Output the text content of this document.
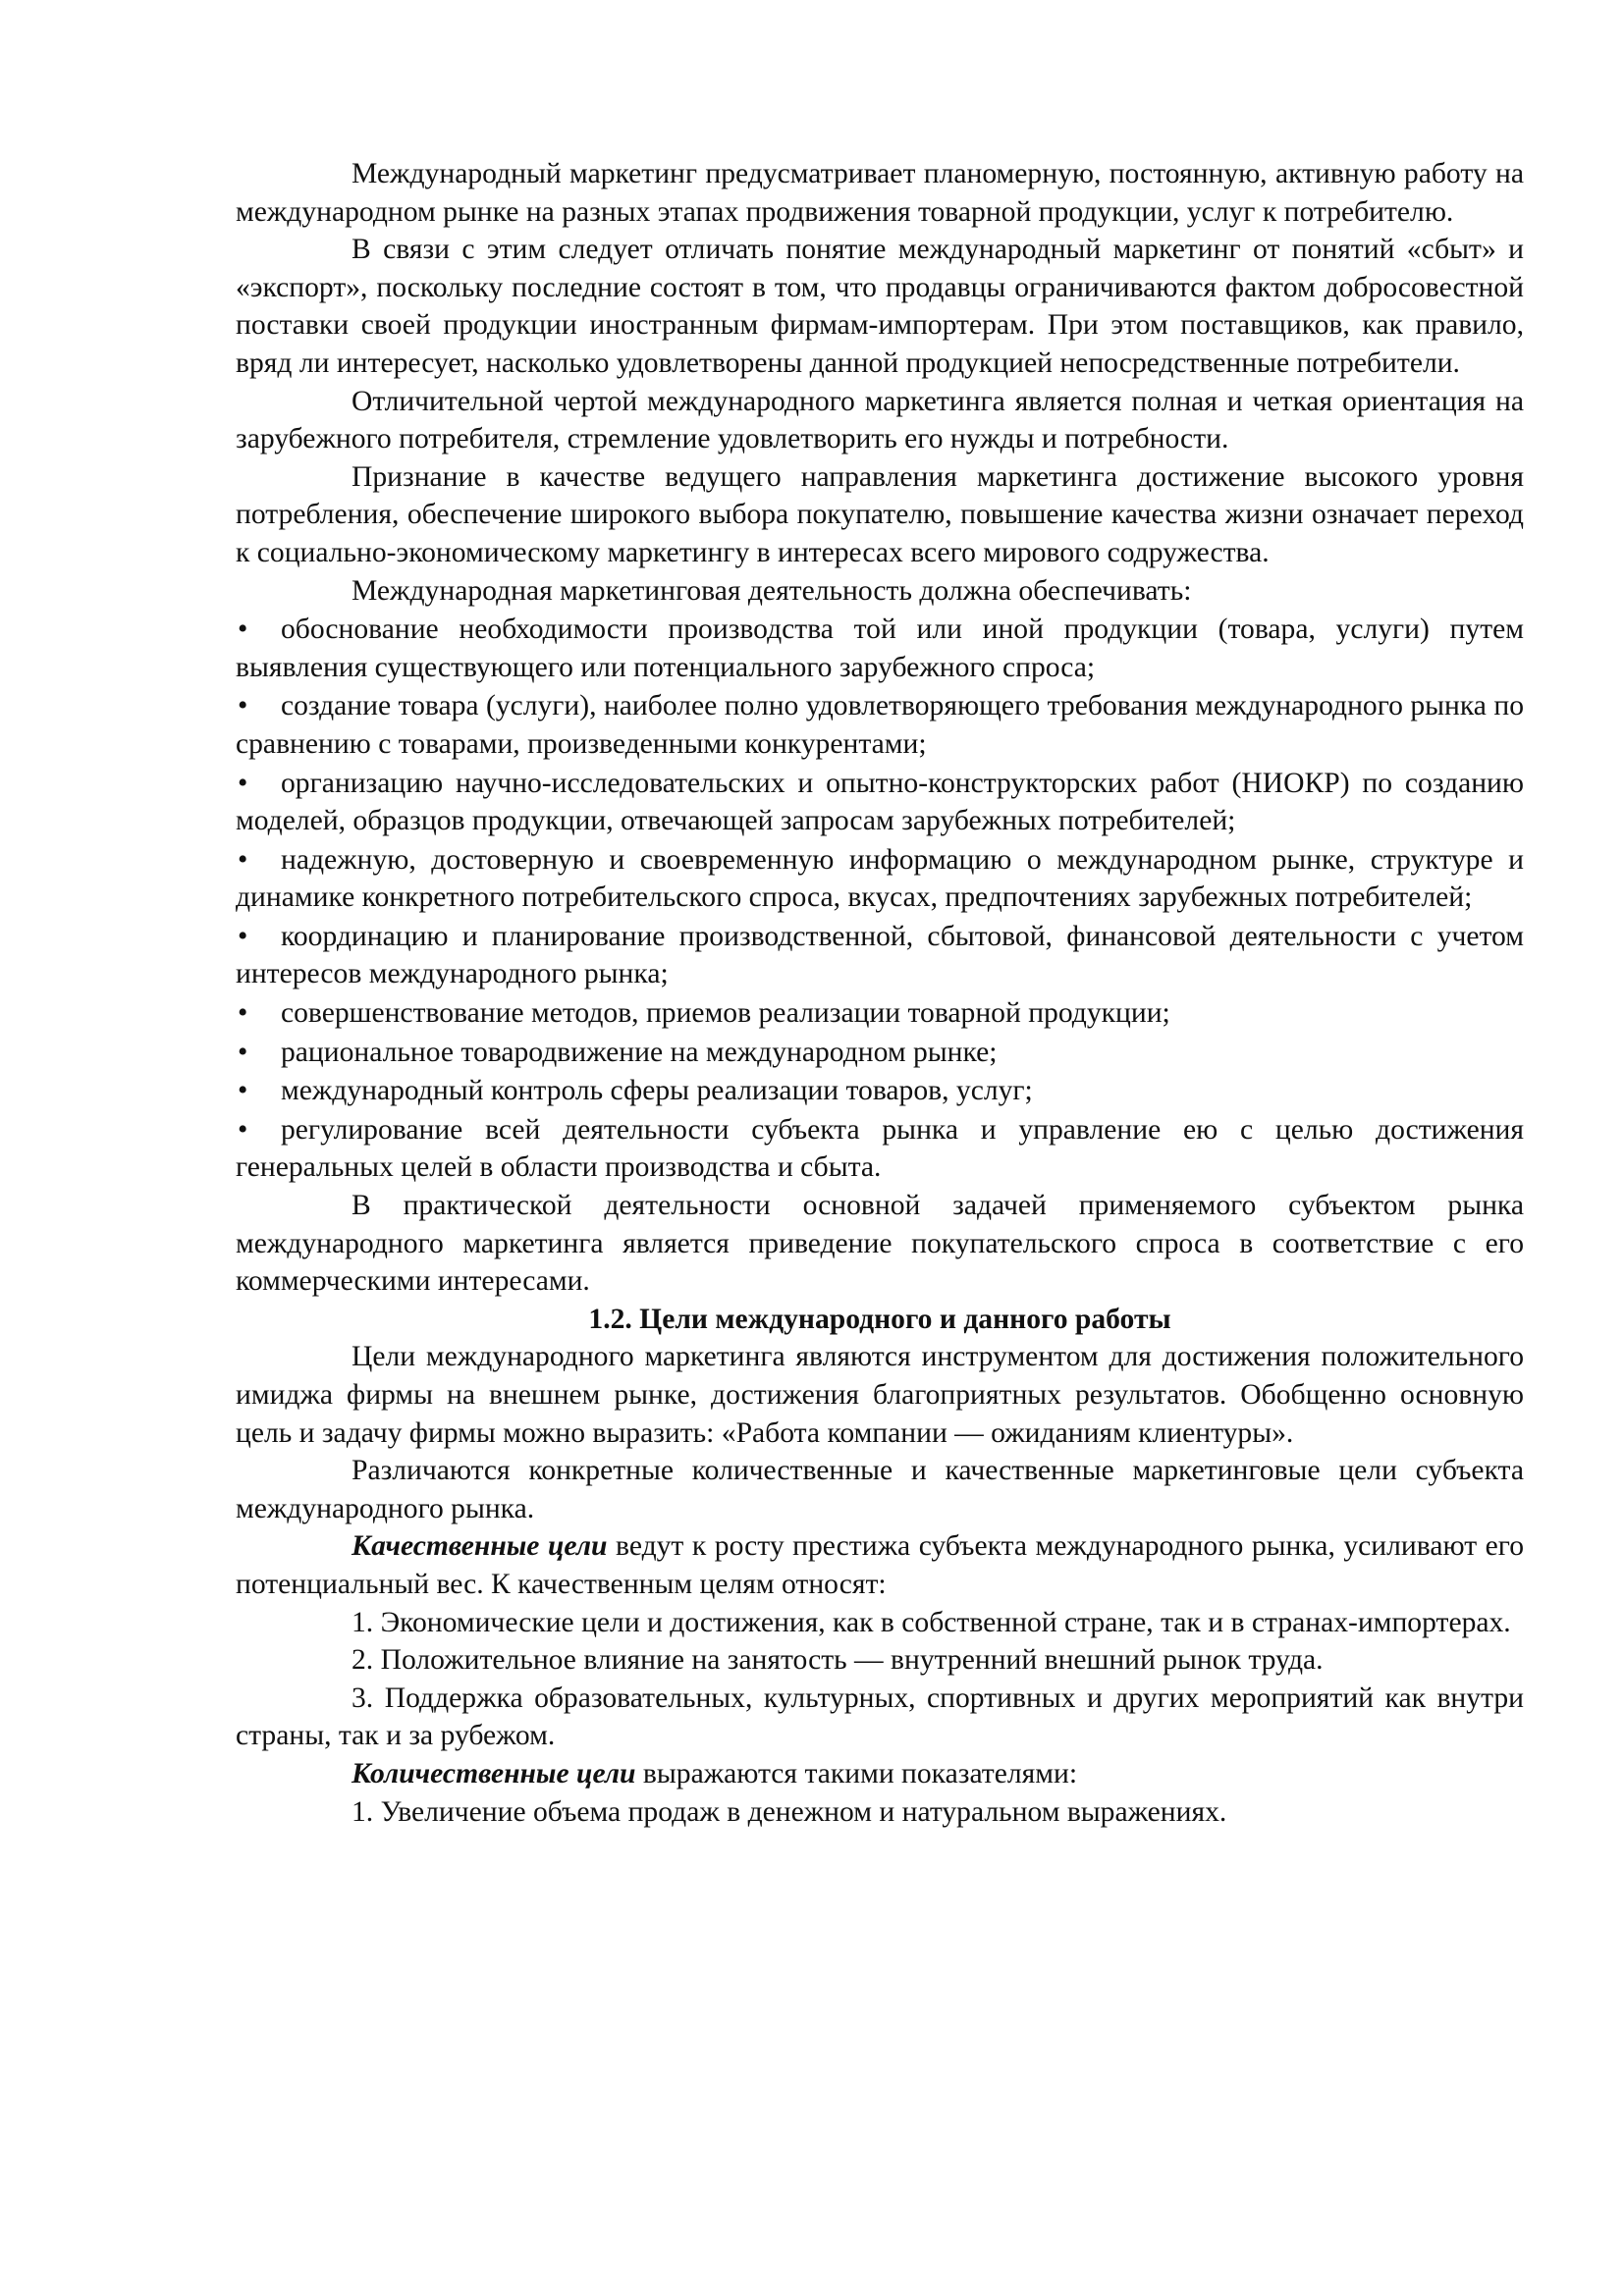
Международный маркетинг предусматривает планомерную, постоянную, активную работу на международном рынке на разных этапах продвижения товарной продукции, услуг к потребителю.

В связи с этим следует отличать понятие международный маркетинг от понятий «сбыт» и «экспорт», поскольку последние состоят в том, что продавцы ограничиваются фактом добросовестной поставки своей продукции иностранным фирмам-импортерам. При этом поставщиков, как правило, вряд ли интересует, насколько удовлетворены данной продукцией непосредственные потребители.

Отличительной чертой международного маркетинга является полная и четкая ориентация на зарубежного потребителя, стремление удовлетворить его нужды и потребности.

Признание в качестве ведущего направления маркетинга достижение высокого уровня потребления, обеспечение широкого выбора покупателю, повышение качества жизни означает переход к социально-экономическому маркетингу в интересах всего мирового содружества.

Международная маркетинговая деятельность должна обеспечивать:

• обоснование необходимости производства той или иной продукции (товара, услуги) путем выявления существующего или потенциального зарубежного спроса;
• создание товара (услуги), наиболее полно удовлетворяющего требования международного рынка по сравнению с товарами, произведенными конкурентами;
• организацию научно-исследовательских и опытно-конструкторских работ (НИОКР) по созданию моделей, образцов продукции, отвечающей запросам зарубежных потребителей;
• надежную, достоверную и своевременную информацию о международном рынке, структуре и динамике конкретного потребительского спроса, вкусах, предпочтениях зарубежных потребителей;
• координацию и планирование производственной, сбытовой, финансовой деятельности с учетом интересов международного рынка;
• совершенствование методов, приемов реализации товарной продукции;
• рациональное товародвижение на международном рынке;
• международный контроль сферы реализации товаров, услуг;
• регулирование всей деятельности субъекта рынка и управление ею с целью достижения генеральных целей в области производства и сбыта.

В практической деятельности основной задачей применяемого субъектом рынка международного маркетинга является приведение покупательского спроса в соответствие с его коммерческими интересами.

1.2. Цели международного и данного работы

Цели международного маркетинга являются инструментом для достижения положительного имиджа фирмы на внешнем рынке, достижения благоприятных результатов. Обобщенно основную цель и задачу фирмы можно выразить: «Работа компании — ожиданиям клиентуры».

Различаются конкретные количественные и качественные маркетинговые цели субъекта международного рынка.

Качественные цели ведут к росту престижа субъекта международного рынка, усиливают его потенциальный вес. К качественным целям относят:

1. Экономические цели и достижения, как в собственной стране, так и в странах-импортерах.

2. Положительное влияние на занятость — внутренний внешний рынок труда.

3. Поддержка образовательных, культурных, спортивных и других мероприятий как внутри страны, так и за рубежом.

Количественные цели выражаются такими показателями:

1. Увеличение объема продаж в денежном и натуральном выражениях.
